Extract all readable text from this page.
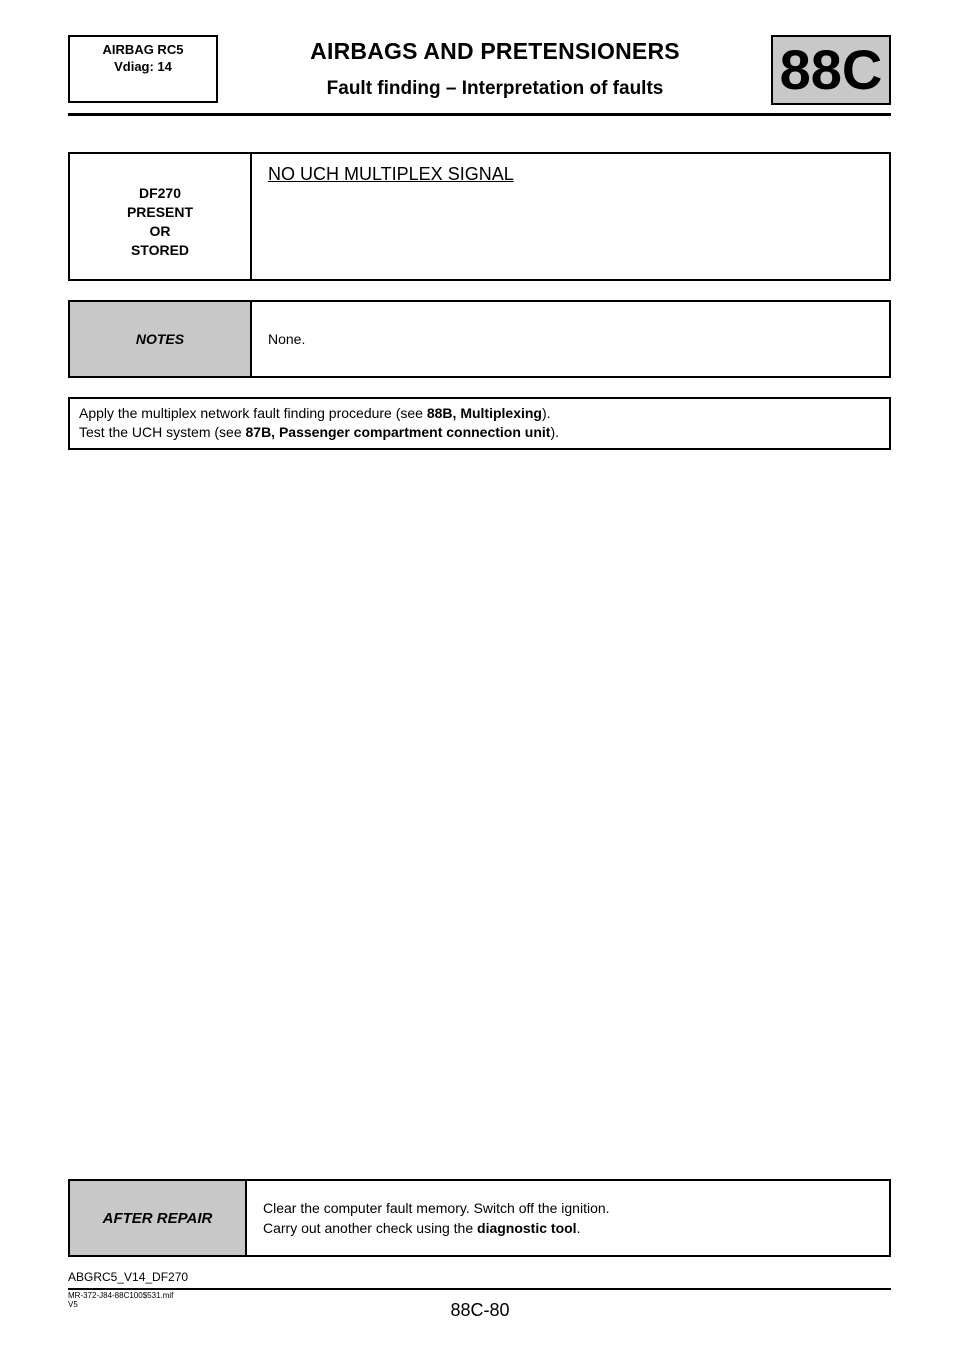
AIRBAG RC5
Vdiag: 14
AIRBAGS AND PRETENSIONERS
Fault finding – Interpretation of faults	88C
DF270
PRESENT
OR
STORED
NO UCH MULTIPLEX SIGNAL
NOTES	None.
Apply the multiplex network fault finding procedure (see 88B, Multiplexing).
Test the UCH system (see 87B, Passenger compartment connection unit).
AFTER REPAIR
Clear the computer fault memory. Switch off the ignition.
Carry out another check using the diagnostic tool.
ABGRC5_V14_DF270
MR-372-J84-88C100$531.mif
V5	88C-80
